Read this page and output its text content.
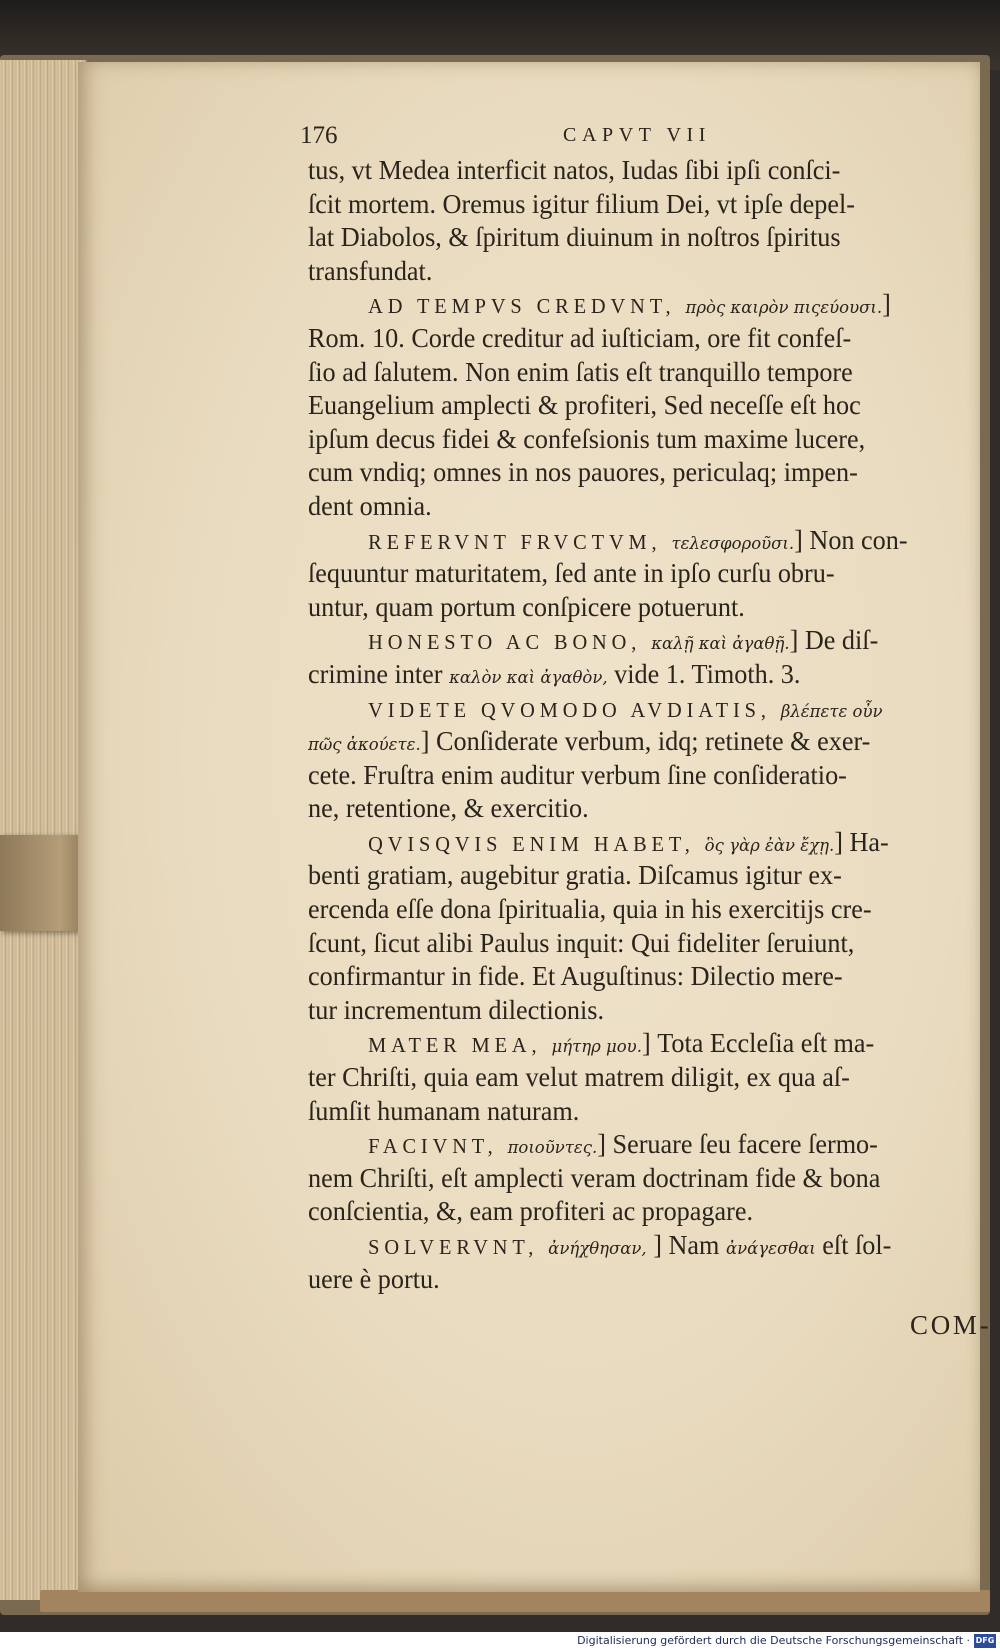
176	CAPVT VII
tus, vt Medea interficit natos, Iudas ſibi ipſi conſci-
ſcit mortem. Oremus igitur filium Dei, vt ipſe depel-
lat Diabolos, & ſpiritum diuinum in noſtros ſpiritus
transfundat.
AD TEMPVS CREDVNT, πρὸς καιρὸν πιςεύουσι.]
Rom. 10. Corde creditur ad iuſticiam, ore fit confeſ-
ſio ad ſalutem. Non enim ſatis eſt tranquillo tempore
Euangelium amplecti & profiteri, Sed neceſſe eſt hoc
ipſum decus fidei & confeſsionis tum maxime lucere,
cum vndiq; omnes in nos pauores, periculaq; impen-
dent omnia.
REFERVNT FRVCTVM, τελεσφοροῦσι.] Non con-
ſequuntur maturitatem, ſed ante in ipſo curſu obru-
untur, quam portum conſpicere potuerunt.
HONESTO AC BONO, καλῇ καὶ ἀγαθῇ.] De diſ-
crimine inter καλὸν καὶ ἀγαθὸν, vide 1. Timoth. 3.
VIDETE QVOMODO AVDIATIS, βλέπετε οὖν
πῶς ἀκούετε.] Conſiderate verbum, idq; retinete & exer-
cete. Fruſtra enim auditur verbum ſine conſideratio-
ne, retentione, & exercitio.
QVISQVIS ENIM HABET, ὃς γὰρ ἐὰν ἔχῃ.] Ha-
benti gratiam, augebitur gratia. Diſcamus igitur ex-
ercenda eſſe dona ſpiritualia, quia in his exercitijs cre-
ſcunt, ſicut alibi Paulus inquit: Qui fideliter ſeruiunt,
confirmantur in fide. Et Auguſtinus: Dilectio mere-
tur incrementum dilectionis.
MATER MEA, μήτηρ μου.] Tota Eccleſia eſt ma-
ter Chriſti, quia eam velut matrem diligit, ex qua aſ-
ſumſit humanam naturam.
FACIVNT, ποιοῦντες.] Seruare ſeu facere ſermo-
nem Chriſti, eſt amplecti veram doctrinam fide & bona
conſcientia, &, eam profiteri ac propagare.
SOLVERVNT, ἀνήχθησαν, ] Nam ἀνάγεσθαι eſt ſol-
uere è portu.
COM-
Digitalisierung gefördert durch die Deutsche Forschungsgemeinschaft · DFG
